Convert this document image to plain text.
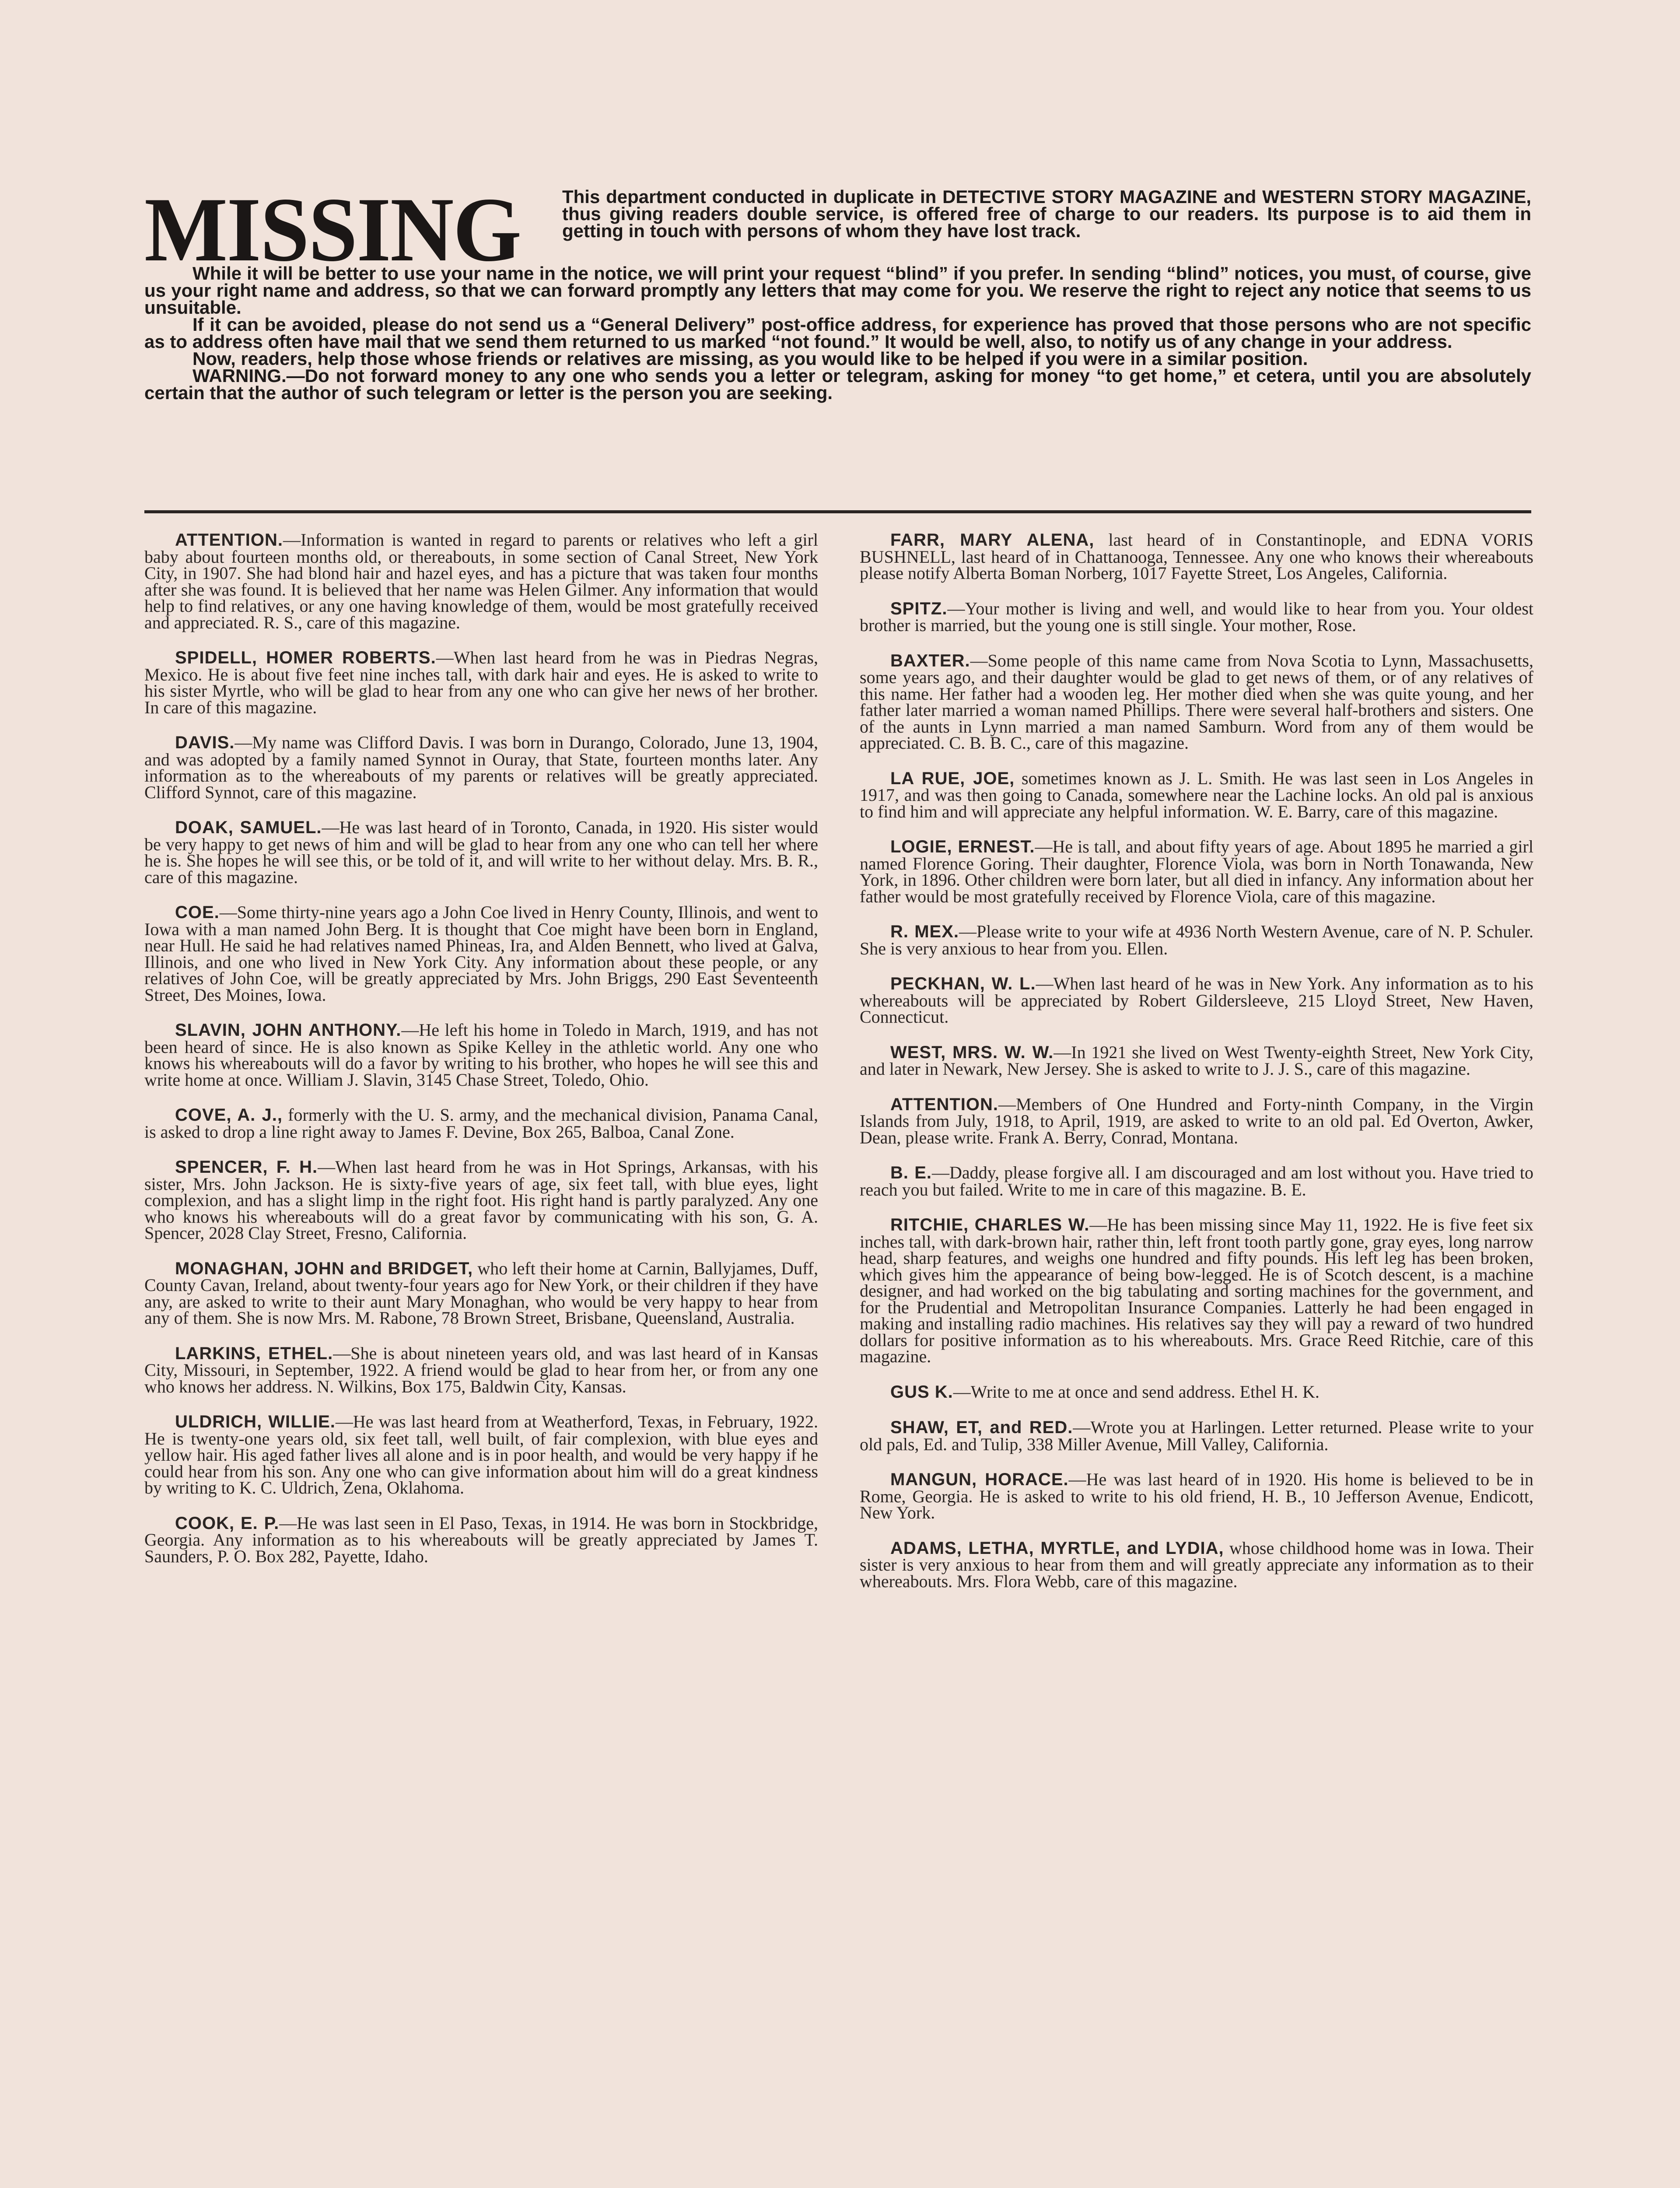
MISSING	This department conducted in duplicate in DETECTIVE STORY MAGAZINE and WESTERN STORY MAGAZINE, thus giving readers double service, is offered free of charge to our readers. Its purpose is to aid them in getting in touch with persons of whom they have lost track.

While it will be better to use your name in the notice, we will print your request “blind” if you prefer. In sending “blind” notices, you must, of course, give us your right name and address, so that we can forward promptly any letters that may come for you. We reserve the right to reject any notice that seems to us unsuitable.

If it can be avoided, please do not send us a “General Delivery” post-office address, for experience has proved that those persons who are not specific as to address often have mail that we send them returned to us marked “not found.” It would be well, also, to notify us of any change in your address.

Now, readers, help those whose friends or relatives are missing, as you would like to be helped if you were in a similar position.

WARNING.—Do not forward money to any one who sends you a letter or telegram, asking for money “to get home,” et cetera, until you are absolutely certain that the author of such telegram or letter is the person you are seeking.

ATTENTION.—Information is wanted in regard to parents or relatives who left a girl baby about fourteen months old, or thereabouts, in some section of Canal Street, New York City, in 1907. She had blond hair and hazel eyes, and has a picture that was taken four months after she was found. It is believed that her name was Helen Gilmer. Any information that would help to find relatives, or any one having knowledge of them, would be most gratefully received and appreciated. R. S., care of this magazine.

SPIDELL, HOMER ROBERTS.—When last heard from he was in Piedras Negras, Mexico. He is about five feet nine inches tall, with dark hair and eyes. He is asked to write to his sister Myrtle, who will be glad to hear from any one who can give her news of her brother. In care of this magazine.

DAVIS.—My name was Clifford Davis. I was born in Durango, Colorado, June 13, 1904, and was adopted by a family named Synnot in Ouray, that State, fourteen months later. Any information as to the whereabouts of my parents or relatives will be greatly appreciated. Clifford Synnot, care of this magazine.

DOAK, SAMUEL.—He was last heard of in Toronto, Canada, in 1920. His sister would be very happy to get news of him and will be glad to hear from any one who can tell her where he is. She hopes he will see this, or be told of it, and will write to her without delay. Mrs. B. R., care of this magazine.

COE.—Some thirty-nine years ago a John Coe lived in Henry County, Illinois, and went to Iowa with a man named John Berg. It is thought that Coe might have been born in England, near Hull. He said he had relatives named Phineas, Ira, and Alden Bennett, who lived at Galva, Illinois, and one who lived in New York City. Any information about these people, or any relatives of John Coe, will be greatly appreciated by Mrs. John Briggs, 290 East Seventeenth Street, Des Moines, Iowa.

SLAVIN, JOHN ANTHONY.—He left his home in Toledo in March, 1919, and has not been heard of since. He is also known as Spike Kelley in the athletic world. Any one who knows his whereabouts will do a favor by writing to his brother, who hopes he will see this and write home at once. William J. Slavin, 3145 Chase Street, Toledo, Ohio.

COVE, A. J., formerly with the U. S. army, and the mechanical division, Panama Canal, is asked to drop a line right away to James F. Devine, Box 265, Balboa, Canal Zone.

SPENCER, F. H.—When last heard from he was in Hot Springs, Arkansas, with his sister, Mrs. John Jackson. He is sixty-five years of age, six feet tall, with blue eyes, light complexion, and has a slight limp in the right foot. His right hand is partly paralyzed. Any one who knows his whereabouts will do a great favor by communicating with his son, G. A. Spencer, 2028 Clay Street, Fresno, California.

MONAGHAN, JOHN and BRIDGET, who left their home at Carnin, Ballyjames, Duff, County Cavan, Ireland, about twenty-four years ago for New York, or their children if they have any, are asked to write to their aunt Mary Monaghan, who would be very happy to hear from any of them. She is now Mrs. M. Rabone, 78 Brown Street, Brisbane, Queensland, Australia.

LARKINS, ETHEL.—She is about nineteen years old, and was last heard of in Kansas City, Missouri, in September, 1922. A friend would be glad to hear from her, or from any one who knows her address. N. Wilkins, Box 175, Baldwin City, Kansas.

ULDRICH, WILLIE.—He was last heard from at Weatherford, Texas, in February, 1922. He is twenty-one years old, six feet tall, well built, of fair complexion, with blue eyes and yellow hair. His aged father lives all alone and is in poor health, and would be very happy if he could hear from his son. Any one who can give information about him will do a great kindness by writing to K. C. Uldrich, Zena, Oklahoma.

COOK, E. P.—He was last seen in El Paso, Texas, in 1914. He was born in Stockbridge, Georgia. Any information as to his whereabouts will be greatly appreciated by James T. Saunders, P. O. Box 282, Payette, Idaho.

FARR, MARY ALENA, last heard of in Constantinople, and EDNA VORIS BUSHNELL, last heard of in Chattanooga, Tennessee. Any one who knows their whereabouts please notify Alberta Boman Norberg, 1017 Fayette Street, Los Angeles, California.

SPITZ.—Your mother is living and well, and would like to hear from you. Your oldest brother is married, but the young one is still single. Your mother, Rose.

BAXTER.—Some people of this name came from Nova Scotia to Lynn, Massachusetts, some years ago, and their daughter would be glad to get news of them, or of any relatives of this name. Her father had a wooden leg. Her mother died when she was quite young, and her father later married a woman named Phillips. There were several half-brothers and sisters. One of the aunts in Lynn married a man named Samburn. Word from any of them would be appreciated. C. B. B. C., care of this magazine.

LA RUE, JOE, sometimes known as J. L. Smith. He was last seen in Los Angeles in 1917, and was then going to Canada, somewhere near the Lachine locks. An old pal is anxious to find him and will appreciate any helpful information. W. E. Barry, care of this magazine.

LOGIE, ERNEST.—He is tall, and about fifty years of age. About 1895 he married a girl named Florence Goring. Their daughter, Florence Viola, was born in North Tonawanda, New York, in 1896. Other children were born later, but all died in infancy. Any information about her father would be most gratefully received by Florence Viola, care of this magazine.

R. MEX.—Please write to your wife at 4936 North Western Avenue, care of N. P. Schuler. She is very anxious to hear from you. Ellen.

PECKHAN, W. L.—When last heard of he was in New York. Any information as to his whereabouts will be appreciated by Robert Gildersleeve, 215 Lloyd Street, New Haven, Connecticut.

WEST, MRS. W. W.—In 1921 she lived on West Twenty-eighth Street, New York City, and later in Newark, New Jersey. She is asked to write to J. J. S., care of this magazine.

ATTENTION.—Members of One Hundred and Forty-ninth Company, in the Virgin Islands from July, 1918, to April, 1919, are asked to write to an old pal. Ed Overton, Awker, Dean, please write. Frank A. Berry, Conrad, Montana.

B. E.—Daddy, please forgive all. I am discouraged and am lost without you. Have tried to reach you but failed. Write to me in care of this magazine. B. E.

RITCHIE, CHARLES W.—He has been missing since May 11, 1922. He is five feet six inches tall, with dark-brown hair, rather thin, left front tooth partly gone, gray eyes, long narrow head, sharp features, and weighs one hundred and fifty pounds. His left leg has been broken, which gives him the appearance of being bow-legged. He is of Scotch descent, is a machine designer, and had worked on the big tabulating and sorting machines for the government, and for the Prudential and Metropolitan Insurance Companies. Latterly he had been engaged in making and installing radio machines. His relatives say they will pay a reward of two hundred dollars for positive information as to his whereabouts. Mrs. Grace Reed Ritchie, care of this magazine.

GUS K.—Write to me at once and send address. Ethel H. K.

SHAW, ET, and RED.—Wrote you at Harlingen. Letter returned. Please write to your old pals, Ed. and Tulip, 338 Miller Avenue, Mill Valley, California.

MANGUN, HORACE.—He was last heard of in 1920. His home is believed to be in Rome, Georgia. He is asked to write to his old friend, H. B., 10 Jefferson Avenue, Endicott, New York.

ADAMS, LETHA, MYRTLE, and LYDIA, whose childhood home was in Iowa. Their sister is very anxious to hear from them and will greatly appreciate any information as to their whereabouts. Mrs. Flora Webb, care of this magazine.
